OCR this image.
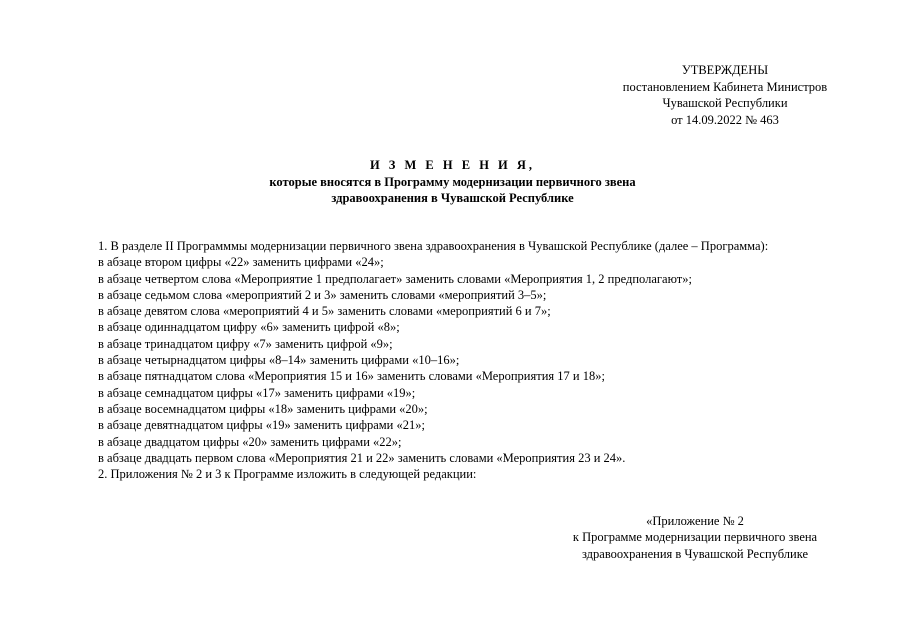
УТВЕРЖДЕНЫ
постановлением Кабинета Министров
Чувашской Республики
от 14.09.2022 № 463
И З М Е Н Е Н И Я,
которые вносятся в Программу модернизации первичного звена
здравоохранения в Чувашской Республике

1. В разделе II Программмы модернизации первичного звена здравоохранения в Чувашской Республике (далее – Программа):

в абзаце втором цифры «22» заменить цифрами «24»;

в абзаце четвертом слова «Мероприятие 1 предполагает» заменить словами «Мероприятия 1, 2 предполагают»;

в абзаце седьмом слова «мероприятий 2 и 3» заменить словами «мероприятий 3–5»;

в абзаце девятом слова «мероприятий 4 и 5» заменить словами «мероприятий 6 и 7»;

в абзаце одиннадцатом цифру «6» заменить цифрой «8»;

в абзаце тринадцатом цифру «7» заменить цифрой «9»;

в абзаце четырнадцатом цифры «8–14» заменить цифрами «10–16»;

в абзаце пятнадцатом слова «Мероприятия 15 и 16» заменить словами «Мероприятия 17 и 18»;

в абзаце семнадцатом цифры «17» заменить цифрами «19»;

в абзаце восемнадцатом цифры «18» заменить цифрами «20»;

в абзаце девятнадцатом цифры «19» заменить цифрами «21»;

в абзаце двадцатом цифры «20» заменить цифрами «22»;

в абзаце двадцать первом слова «Мероприятия 21 и 22» заменить словами «Мероприятия 23 и 24».

2. Приложения № 2 и 3 к Программе изложить в следующей редакции:

«Приложение № 2
к Программе модернизации первичного звена
здравоохранения в Чувашской Республике
